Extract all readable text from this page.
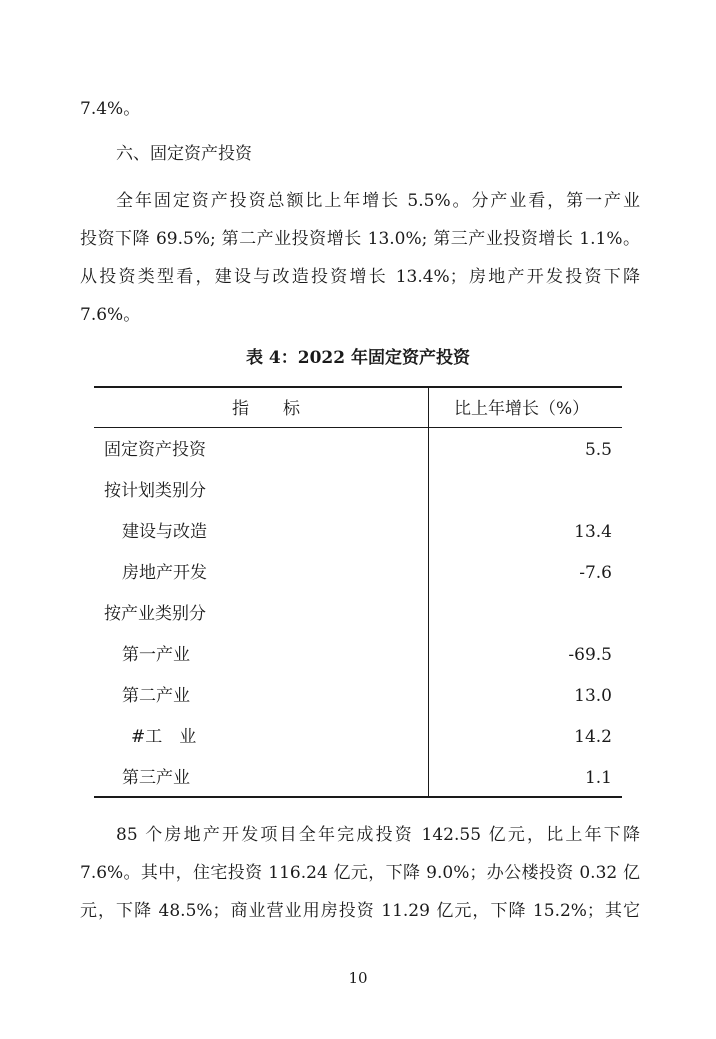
7.4%。
六、固定资产投资
全年固定资产投资总额比上年增长 5.5%。分产业看，第一产业
投资下降 69.5%; 第二产业投资增长 13.0%; 第三产业投资增长 1.1%。
从投资类型看，建设与改造投资增长 13.4%；房地产开发投资下降
7.6%。
表 4：2022 年固定资产投资
指　　标	比上年增长（%）
固定资产投资	5.5
按计划类别分
建设与改造	13.4
房地产开发	-7.6
按产业类别分
第一产业	-69.5
第二产业	13.0
#工　业	14.2
第三产业	1.1
85 个房地产开发项目全年完成投资 142.55 亿元，比上年下降
7.6%。其中，住宅投资 116.24 亿元，下降 9.0%；办公楼投资 0.32 亿
元，下降 48.5%；商业营业用房投资 11.29 亿元，下降 15.2%；其它
10
